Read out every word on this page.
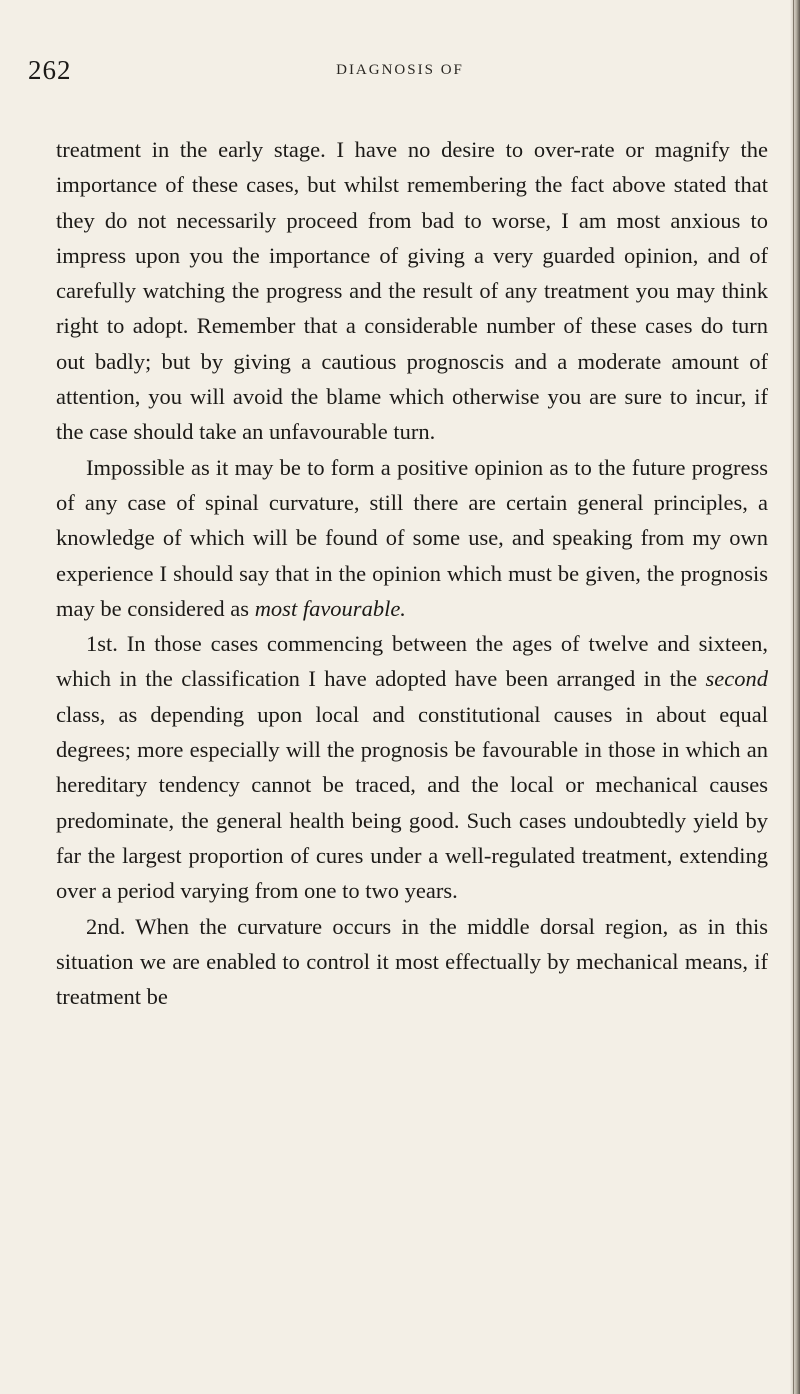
262	DIAGNOSIS OF

treatment in the early stage. I have no desire to over-rate or magnify the importance of these cases, but whilst remembering the fact above stated that they do not necessarily proceed from bad to worse, I am most anxious to impress upon you the importance of giving a very guarded opinion, and of carefully watching the progress and the result of any treatment you may think right to adopt. Remember that a considerable number of these cases do turn out badly; but by giving a cautious prognoscis and a moderate amount of attention, you will avoid the blame which otherwise you are sure to incur, if the case should take an unfavourable turn.

Impossible as it may be to form a positive opinion as to the future progress of any case of spinal curvature, still there are certain general principles, a knowledge of which will be found of some use, and speaking from my own experience I should say that in the opinion which must be given, the prognosis may be considered as most favourable.

1st. In those cases commencing between the ages of twelve and sixteen, which in the classification I have adopted have been arranged in the second class, as depending upon local and constitutional causes in about equal degrees; more especially will the prognosis be favourable in those in which an hereditary tendency cannot be traced, and the local or mechanical causes predominate, the general health being good. Such cases undoubtedly yield by far the largest proportion of cures under a well-regulated treatment, extending over a period varying from one to two years.

2nd. When the curvature occurs in the middle dorsal region, as in this situation we are enabled to control it most effectually by mechanical means, if treatment be
